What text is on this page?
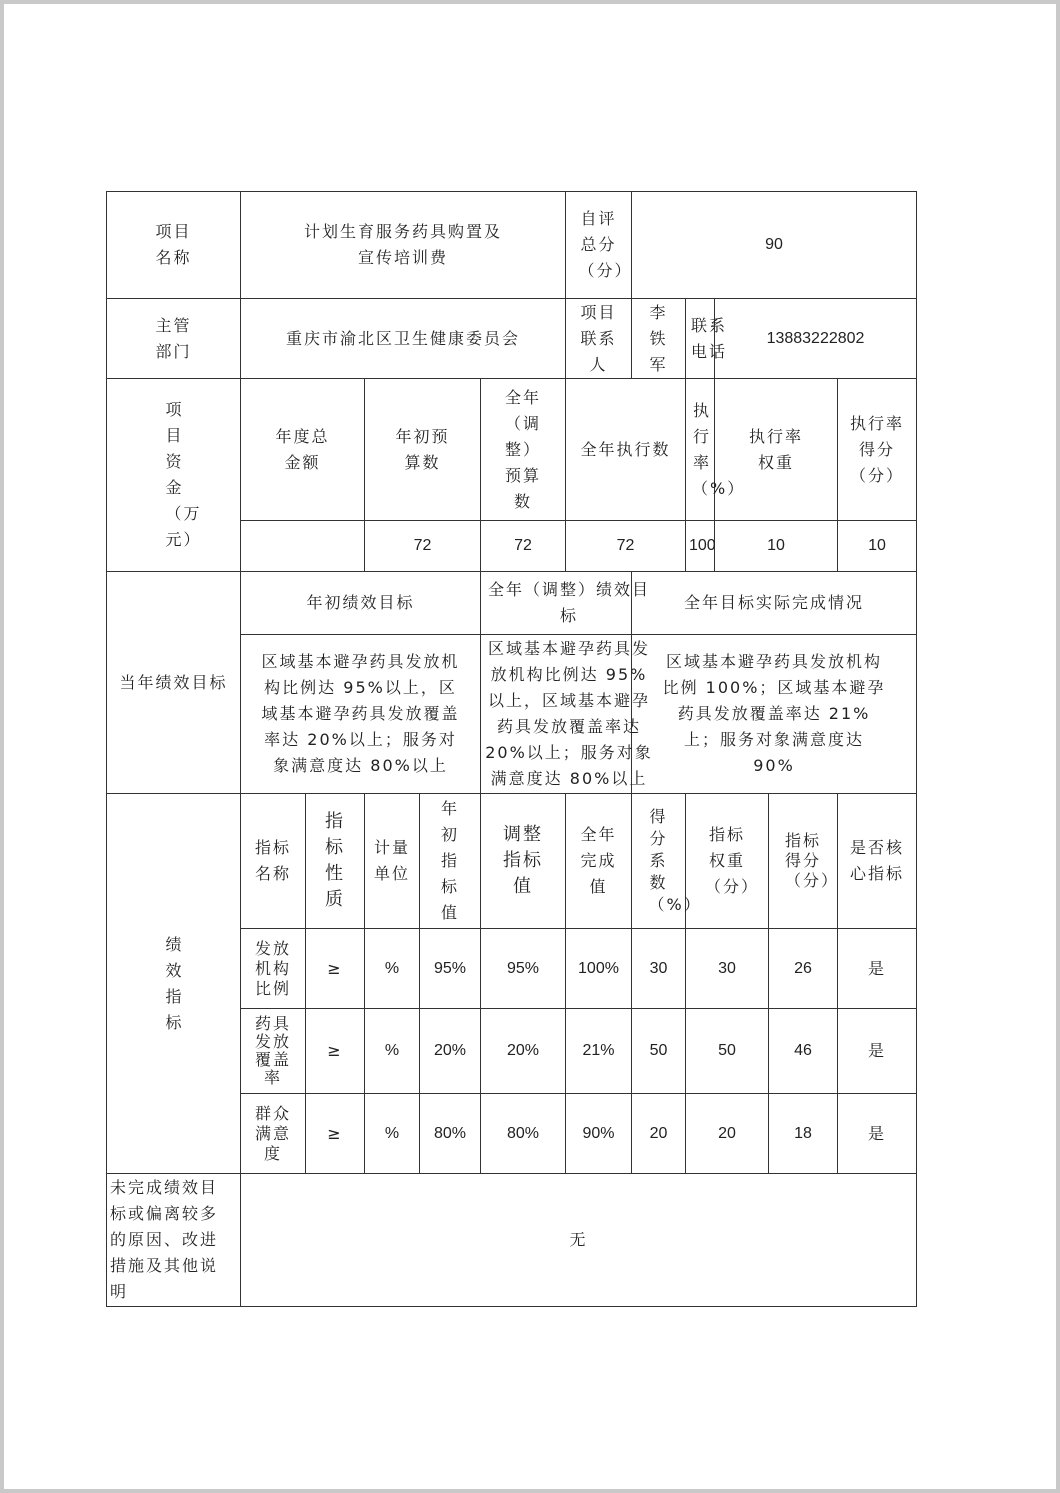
项目名称	计划生育服务药具购置及宣传培训费					自评总分（分）	90				

主管部门	重庆市渝北区卫生健康委员会					项目联系人	李铁军	联系电话	13883222802		

项目资金（万元）	年度总金额		年初预算数		全年（调整）预算数	全年执行数		执行率（%）	执行率权重		执行率得分（分）

			72		72	72		100	10		10
当年绩效目标	年初绩效目标				全年（调整）绩效目标		全年目标实际完成情况				

	区域基本避孕药具发放机构比例达 95%以上，区域基本避孕药具发放覆盖率达 20%以上；服务对象满意度达 80%以上				区域基本避孕药具发放机构比例达 95%以上，区域基本避孕药具发放覆盖率达 20%以上；服务对象满意度达 80%以上		区域基本避孕药具发放机构比例 100%；区域基本避孕药具发放覆盖率达 21%上；服务对象满意度达 90%				

绩效指标	指标名称	指标性质	计量单位	年初指标值	调整指标值	全年完成值	得分系数（%）	指标权重（分）		指标得分（分）	是否核心指标

	发放机构比例	≥	%	95%	95%	100%	30	30		26	是

	药具发放覆盖率	≥	%	20%	20%	21%	50	50		46	是

	群众满意度	≥	%	80%	80%	90%	20	20		18	是

未完成绩效目标或偏离较多的原因、改进措施及其他说明	无										
